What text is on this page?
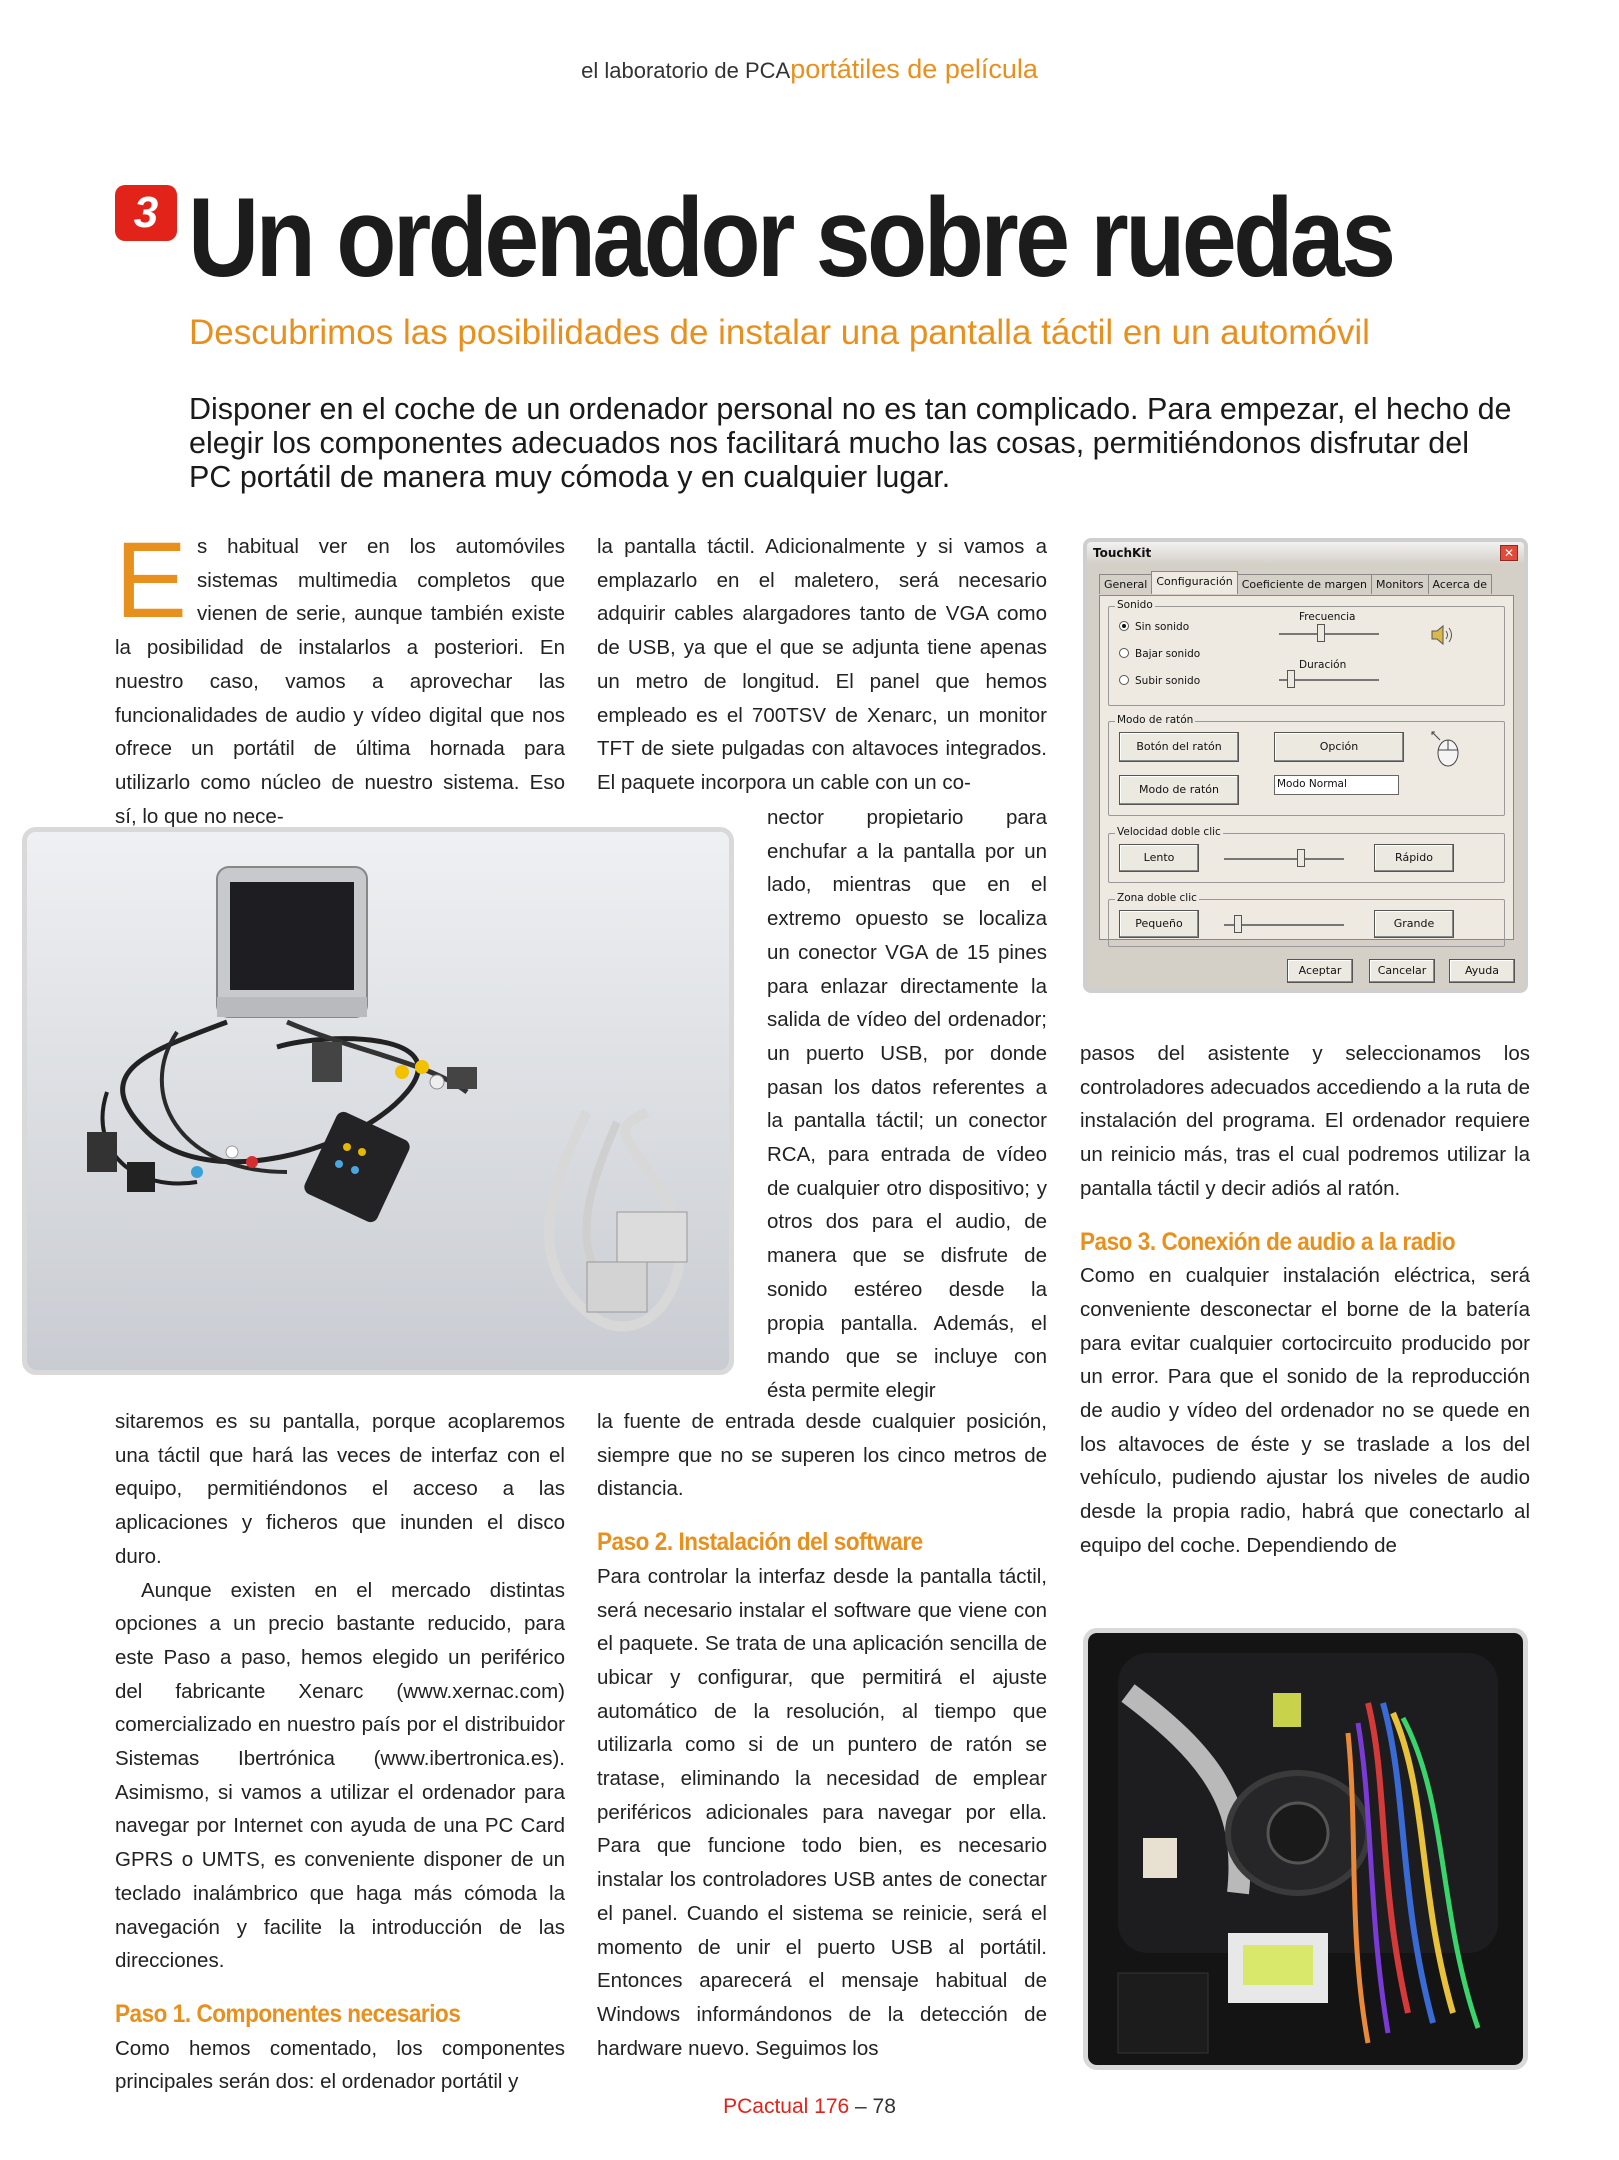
el laboratorio de PCAportátiles de película
3 Un ordenador sobre ruedas
Descubrimos las posibilidades de instalar una pantalla táctil en un automóvil
Disponer en el coche de un ordenador personal no es tan complicado. Para empezar, el hecho de elegir los componentes adecuados nos facilitará mucho las cosas, permitiéndonos disfrutar del PC portátil de manera muy cómoda y en cualquier lugar.
E s habitual ver en los automóviles sistemas multimedia completos que vienen de serie, aunque también existe la posibilidad de instalarlos a posteriori. En nuestro caso, vamos a aprovechar las funcionalidades de audio y vídeo digital que nos ofrece un portátil de última hornada para utilizarlo como núcleo de nuestro sistema. Eso sí, lo que no nece-

sitaremos es su pantalla, porque acoplaremos una táctil que hará las veces de interfaz con el equipo, permitiéndonos el acceso a las aplicaciones y ficheros que inunden el disco duro.

Aunque existen en el mercado distintas opciones a un precio bastante reducido, para este Paso a paso, hemos elegido un periférico del fabricante Xenarc (www.xernac.com) comercializado en nuestro país por el distribuidor Sistemas Ibertrónica (www.ibertronica.es). Asimismo, si vamos a utilizar el ordenador para navegar por Internet con ayuda de una PC Card GPRS o UMTS, es conveniente disponer de un teclado inalámbrico que haga más cómoda la navegación y facilite la introducción de las direcciones.

Paso 1. Componentes necesarios

Como hemos comentado, los componentes principales serán dos: el ordenador portátil y

la pantalla táctil. Adicionalmente y si vamos a emplazarlo en el maletero, será necesario adquirir cables alargadores tanto de VGA como de USB, ya que el que se adjunta tiene apenas un metro de longitud. El panel que hemos empleado es el 700TSV de Xenarc, un monitor TFT de siete pulgadas con altavoces integrados. El paquete incorpora un cable con un co-

nector propietario para enchufar a la pantalla por un lado, mientras que en el extremo opuesto se localiza un conector VGA de 15 pines para enlazar directamente la salida de vídeo del ordenador; un puerto USB, por donde pasan los datos referentes a la pantalla táctil; un conector RCA, para entrada de vídeo de cualquier otro dispositivo; y otros dos para el audio, de manera que se disfrute de sonido estéreo desde la propia pantalla. Además, el mando que se incluye con ésta permite elegir

la fuente de entrada desde cualquier posición, siempre que no se superen los cinco metros de distancia.

Paso 2. Instalación del software

Para controlar la interfaz desde la pantalla táctil, será necesario instalar el software que viene con el paquete. Se trata de una aplicación sencilla de ubicar y configurar, que permitirá el ajuste automático de la resolución, al tiempo que utilizarla como si de un puntero de ratón se tratase, eliminando la necesidad de emplear periféricos adicionales para navegar por ella. Para que funcione todo bien, es necesario instalar los controladores USB antes de conectar el panel. Cuando el sistema se reinicie, será el momento de unir el puerto USB al portátil. Entonces aparecerá el mensaje habitual de Windows informándonos de la detección de hardware nuevo. Seguimos los

TouchKit	✕
General Configuración Coeficiente de margen Monitors Acerca de
Sonido
Sin sonido
Bajar sonido
Subir sonido
Frecuencia
Duración
Modo de ratón
Botón del ratón	Opción
Modo de ratón	Modo Normal
Velocidad doble clic
Lento	Rápido
Zona doble clic
Pequeño	Grande
Aceptar	Cancelar	Ayuda

pasos del asistente y seleccionamos los controladores adecuados accediendo a la ruta de instalación del programa. El ordenador requiere un reinicio más, tras el cual podremos utilizar la pantalla táctil y decir adiós al ratón.

Paso 3. Conexión de audio a la radio

Como en cualquier instalación eléctrica, será conveniente desconectar el borne de la batería para evitar cualquier cortocircuito producido por un error. Para que el sonido de la reproducción de audio y vídeo del ordenador no se quede en los altavoces de éste y se traslade a los del vehículo, pudiendo ajustar los niveles de audio desde la propia radio, habrá que conectarlo al equipo del coche. Dependiendo de

PCactual 176 – 78
